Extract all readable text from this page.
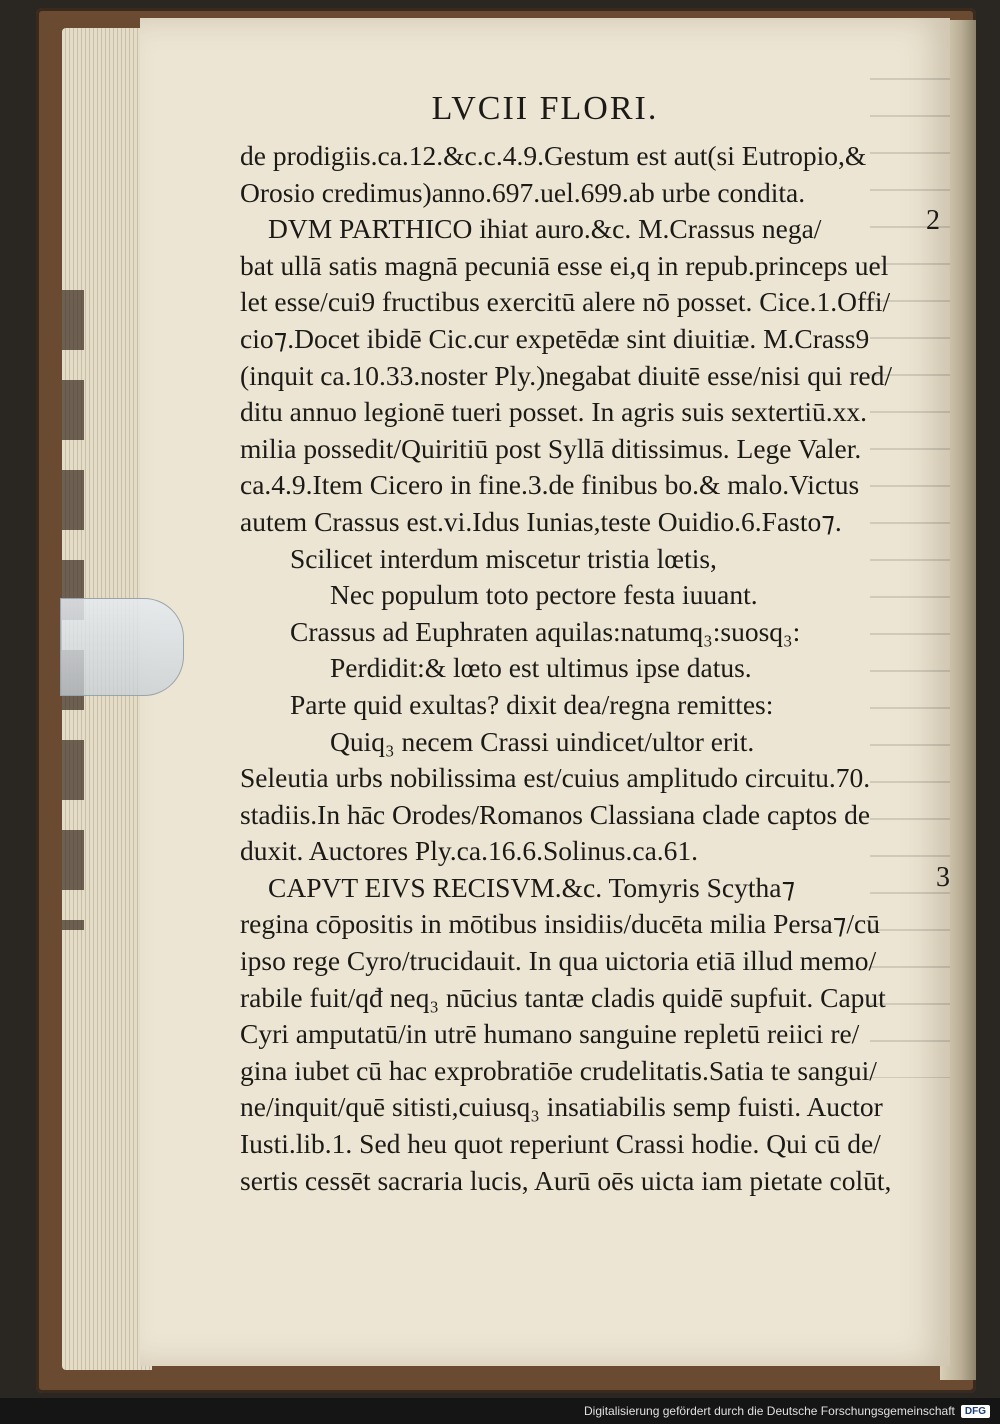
LVCII FLORI.
de prodigiis.ca.12.&c.c.4.9.Gestum est aut(si Eutropio,&
Orosio credimus)anno.697.uel.699.ab urbe condita.
DVM PARTHICO ihiat auro.&c. M.Crassus nega/
bat ullā satis magnā pecuniā esse ei,q in repub.princeps uel
let esse/cui9 fructibus exercitū alere nō posset. Cice.1.Offi/
cio⁊.Docet ibidē Cic.cur expetēdæ sint diuitiæ. M.Crass9
(inquit ca.10.33.noster Ply.)negabat diuitē esse/nisi qui red/
ditu annuo legionē tueri posset. In agris suis sextertiū.xx.
milia possedit/Quiritiū post Syllā ditissimus. Lege Valer.
ca.4.9.Item Cicero in fine.3.de finibus bo.& malo.Victus
autem Crassus est.vi.Idus Iunias,teste Ouidio.6.Fasto⁊.
Scilicet interdum miscetur tristia lœtis,
Nec populum toto pectore festa iuuant.
Crassus ad Euphraten aquilas:natumq₃:suosq₃:
Perdidit:& lœto est ultimus ipse datus.
Parte quid exultas? dixit dea/regna remittes:
Quiq₃ necem Crassi uindicet/ultor erit.
Seleutia urbs nobilissima est/cuius amplitudo circuitu.70.
stadiis.In hāc Orodes/Romanos Classiana clade captos de
duxit. Auctores Ply.ca.16.6.Solinus.ca.61.
CAPVT EIVS RECISVM.&c. Tomyris Scytha⁊
regina cōpositis in mōtibus insidiis/ducēta milia Persa⁊/cū
ipso rege Cyro/trucidauit. In qua uictoria etiā illud memo/
rabile fuit/qđ neq₃ nūcius tantæ cladis quidē supfuit. Caput
Cyri amputatū/in utrē humano sanguine repletū reiici re/
gina iubet cū hac exprobratiōe crudelitatis.Satia te sangui/
ne/inquit/quē sitisti,cuiusq₃ insatiabilis semp fuisti. Auctor
Iusti.lib.1. Sed heu quot reperiunt Crassi hodie. Qui cū de/
sertis cessēt sacraria lucis, Aurū oēs uicta iam pietate colūt,
2
3
Digitalisierung gefördert durch die Deutsche Forschungsgemeinschaft	DFG
